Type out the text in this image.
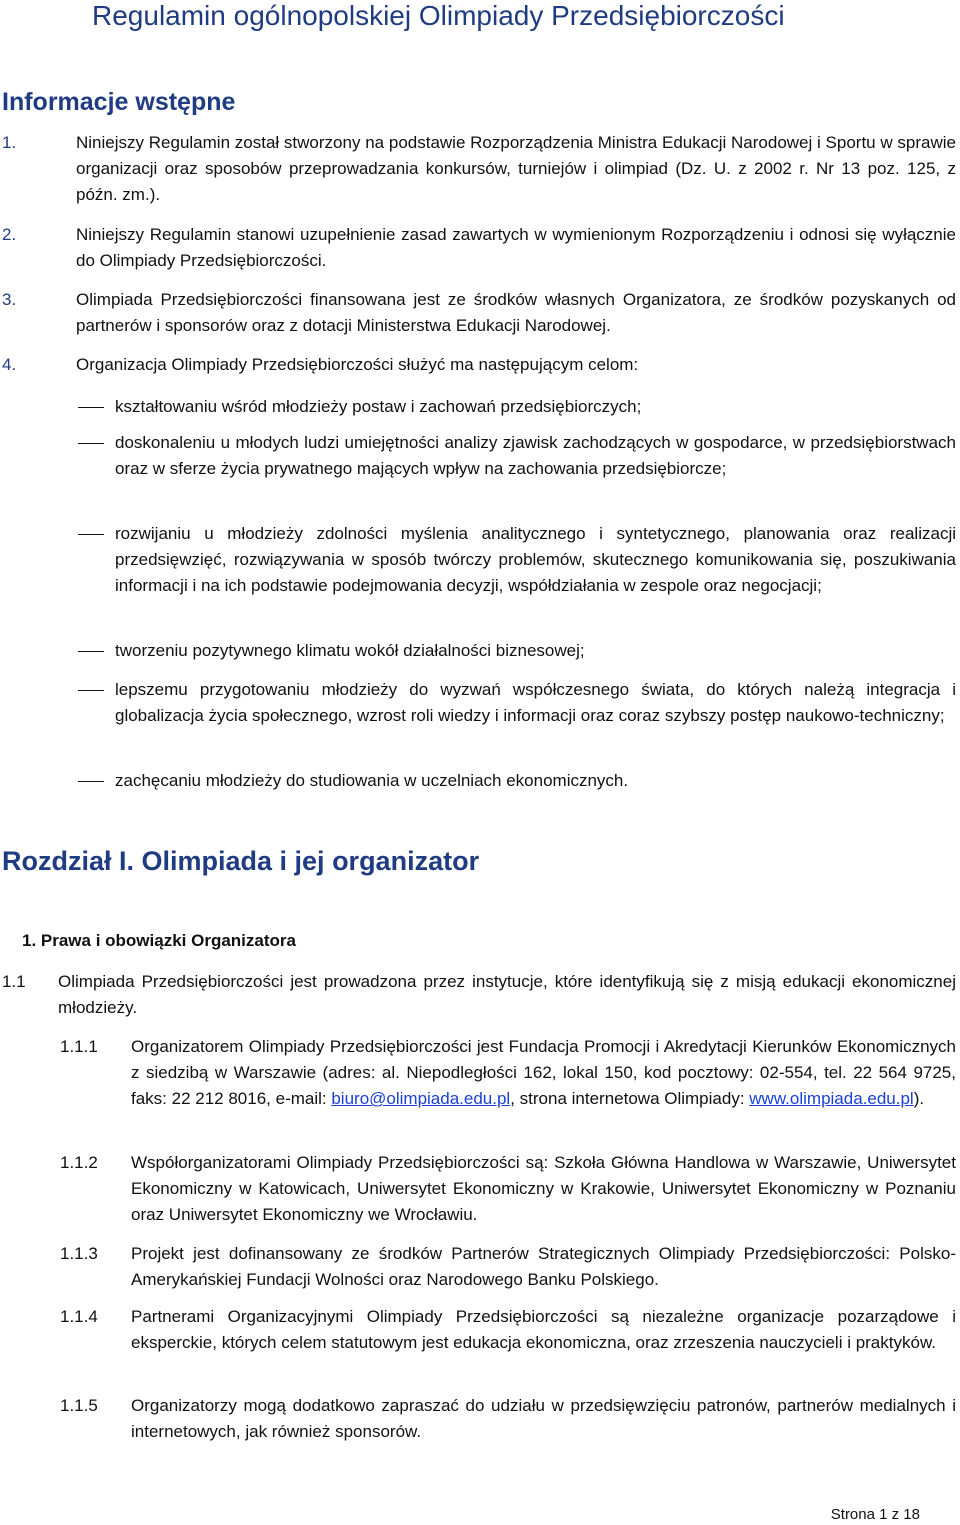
Regulamin ogólnopolskiej Olimpiady Przedsiębiorczości
Informacje wstępne
1.	Niniejszy Regulamin został stworzony na podstawie Rozporządzenia Ministra Edukacji Narodowej i Sportu w sprawie organizacji oraz sposobów przeprowadzania konkursów, turniejów i olimpiad (Dz. U. z 2002 r. Nr 13 poz. 125, z późn. zm.).
2.	Niniejszy Regulamin stanowi uzupełnienie zasad zawartych w wymienionym Rozporządzeniu i odnosi się wyłącznie do Olimpiady Przedsiębiorczości.
3.	Olimpiada Przedsiębiorczości finansowana jest ze środków własnych Organizatora, ze środków pozyskanych od partnerów i sponsorów oraz z dotacji Ministerstwa Edukacji Narodowej.
4.	Organizacja Olimpiady Przedsiębiorczości służyć ma następującym celom:
kształtowaniu wśród młodzieży postaw i zachowań przedsiębiorczych;
doskonaleniu u młodych ludzi umiejętności analizy zjawisk zachodzących w gospodarce, w przedsiębiorstwach oraz w sferze życia prywatnego mających wpływ na zachowania przedsiębiorcze;
rozwijaniu u młodzieży zdolności myślenia analitycznego i syntetycznego, planowania oraz realizacji przedsięwzięć, rozwiązywania w sposób twórczy problemów, skutecznego komunikowania się, poszukiwania informacji i na ich podstawie podejmowania decyzji, współdziałania w zespole oraz negocjacji;
tworzeniu pozytywnego klimatu wokół działalności biznesowej;
lepszemu przygotowaniu młodzieży do wyzwań współczesnego świata, do których należą integracja i globalizacja życia społecznego, wzrost roli wiedzy i informacji oraz coraz szybszy postęp naukowo-techniczny;
zachęcaniu młodzieży do studiowania w uczelniach ekonomicznych.
Rozdział I. Olimpiada i jej organizator
1. Prawa i obowiązki Organizatora
1.1 Olimpiada Przedsiębiorczości jest prowadzona przez instytucje, które identyfikują się z misją edukacji ekonomicznej młodzieży.
1.1.1 Organizatorem Olimpiady Przedsiębiorczości jest Fundacja Promocji i Akredytacji Kierunków Ekonomicznych z siedzibą w Warszawie (adres: al. Niepodległości 162, lokal 150, kod pocztowy: 02-554, tel. 22 564 9725, faks: 22 212 8016, e-mail: biuro@olimpiada.edu.pl, strona internetowa Olimpiady: www.olimpiada.edu.pl).
1.1.2 Współorganizatorami Olimpiady Przedsiębiorczości są: Szkoła Główna Handlowa w Warszawie, Uniwersytet Ekonomiczny w Katowicach, Uniwersytet Ekonomiczny w Krakowie, Uniwersytet Ekonomiczny w Poznaniu oraz Uniwersytet Ekonomiczny we Wrocławiu.
1.1.3 Projekt jest dofinansowany ze środków Partnerów Strategicznych Olimpiady Przedsiębiorczości: Polsko-Amerykańskiej Fundacji Wolności oraz Narodowego Banku Polskiego.
1.1.4 Partnerami Organizacyjnymi Olimpiady Przedsiębiorczości są niezależne organizacje pozarządowe i eksperckie, których celem statutowym jest edukacja ekonomiczna, oraz zrzeszenia nauczycieli i praktyków.
1.1.5 Organizatorzy mogą dodatkowo zapraszać do udziału w przedsięwzięciu patronów, partnerów medialnych i internetowych, jak również sponsorów.
Strona 1 z 18
